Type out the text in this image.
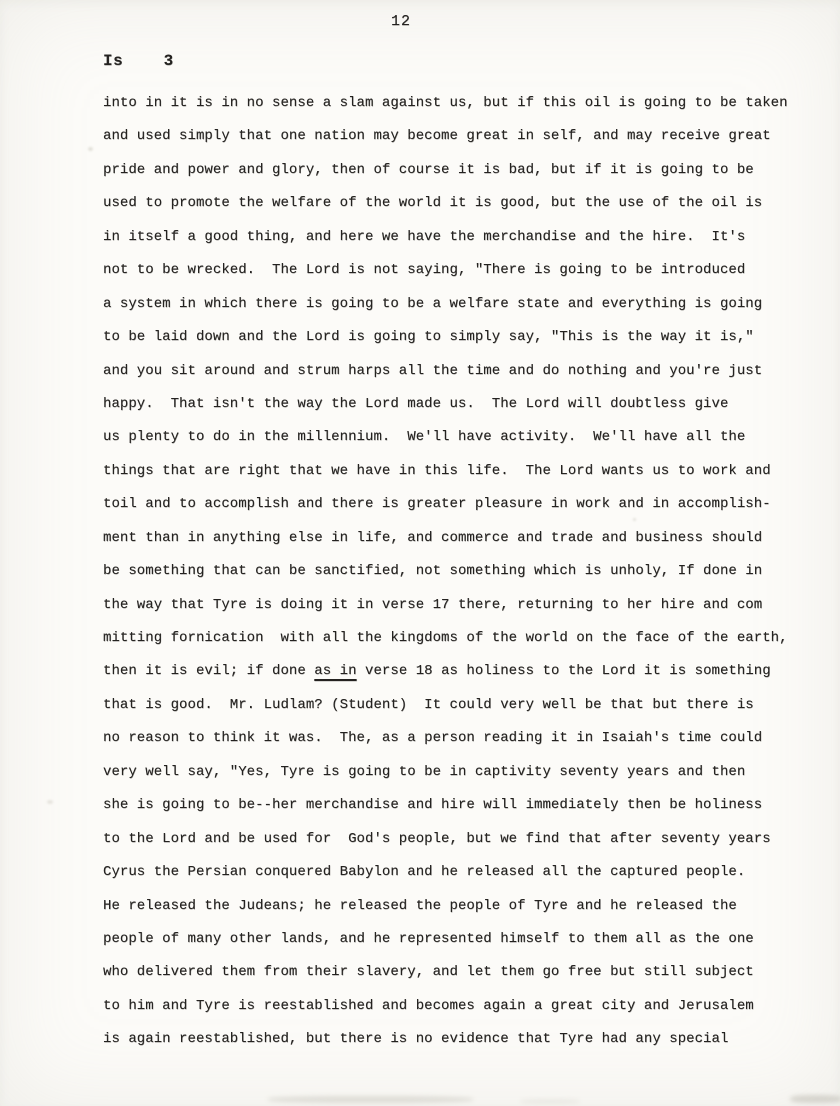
12
Is    3
into in it is in no sense a slam against us, but if this oil is going to be taken
and used simply that one nation may become great in self, and may receive great
pride and power and glory, then of course it is bad, but if it is going to be
used to promote the welfare of the world it is good, but the use of the oil is
in itself a good thing, and here we have the merchandise and the hire.  It's
not to be wrecked.  The Lord is not saying, "There is going to be introduced
a system in which there is going to be a welfare state and everything is going
to be laid down and the Lord is going to simply say, "This is the way it is,"
and you sit around and strum harps all the time and do nothing and you're just
happy.  That isn't the way the Lord made us.  The Lord will doubtless give
us plenty to do in the millennium.  We'll have activity.  We'll have all the
things that are right that we have in this life.  The Lord wants us to work and
toil and to accomplish and there is greater pleasure in work and in accomplish-
ment than in anything else in life, and commerce and trade and business should
be something that can be sanctified, not something which is unholy, If done in
the way that Tyre is doing it in verse 17 there, returning to her hire and com
mitting fornication  with all the kingdoms of the world on the face of the earth,
then it is evil; if done as in verse 18 as holiness to the Lord it is something
that is good.  Mr. Ludlam? (Student)  It could very well be that but there is
no reason to think it was.  The, as a person reading it in Isaiah's time could
very well say, "Yes, Tyre is going to be in captivity seventy years and then
she is going to be--her merchandise and hire will immediately then be holiness
to the Lord and be used for  God's people, but we find that after seventy years
Cyrus the Persian conquered Babylon and he released all the captured people.
He released the Judeans; he released the people of Tyre and he released the
people of many other lands, and he represented himself to them all as the one
who delivered them from their slavery, and let them go free but still subject
to him and Tyre is reestablished and becomes again a great city and Jerusalem
is again reestablished, but there is no evidence that Tyre had any special
